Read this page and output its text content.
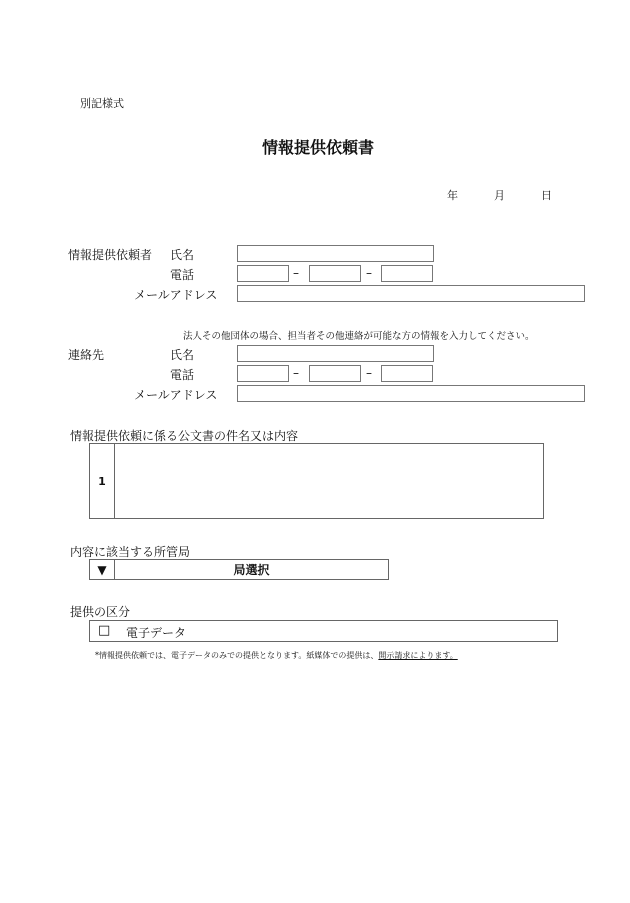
別記様式
情報提供依頼書
年	月	日
情報提供依頼者 氏名
電話	–	–
メールアドレス
法人その他団体の場合、担当者その他連絡が可能な方の情報を入力してください。
連絡先	氏名
電話	–	–
メールアドレス
情報提供依頼に係る公文書の件名又は内容
1
内容に該当する所管局
▼	局選択
提供の区分
□ 電子データ
*情報提供依頼では、電子データのみでの提供となります。紙媒体での提供は、開示請求によります。
